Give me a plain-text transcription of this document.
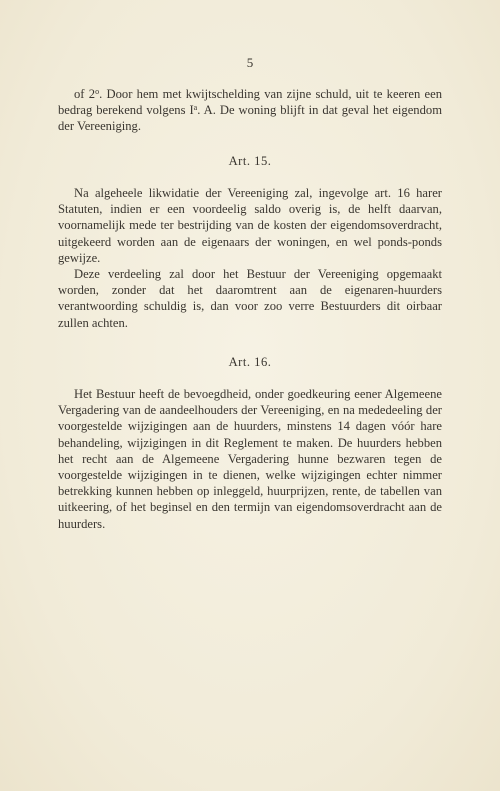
5

of 2$^o$. Door hem met kwijtschelding van zijne schuld, uit te keeren een bedrag berekend volgens $I^a$. A. De woning blijft in dat geval het eigendom der Vereeniging.

Art. 15.

Na algeheele likwidatie der Vereeniging zal, ingevolge art. 16 harer Statuten, indien er een voordeelig saldo overig is, de helft daarvan, voornamelijk mede ter bestrijding van de kosten der eigendomsoverdracht, uitgekeerd worden aan de eigenaars der woningen, en wel ponds-ponds gewijze.

Deze verdeeling zal door het Bestuur der Vereeniging opgemaakt worden, zonder dat het daaromtrent aan de eigenaren-huurders verantwoording schuldig is, dan voor zoo verre Bestuurders dit oirbaar zullen achten.

Art. 16.

Het Bestuur heeft de bevoegdheid, onder goedkeuring eener Algemeene Vergadering van de aandeelhouders der Vereeniging, en na mededeeling der voorgestelde wijzigingen aan de huurders, minstens 14 dagen vóór hare behandeling, wijzigingen in dit Reglement te maken. De huurders hebben het recht aan de Algemeene Vergadering hunne bezwaren tegen de voorgestelde wijzigingen in te dienen, welke wijzigingen echter nimmer betrekking kunnen hebben op inleggeld, huurprijzen, rente, de tabellen van uitkeering, of het beginsel en den termijn van eigendomsoverdracht aan de huurders.
